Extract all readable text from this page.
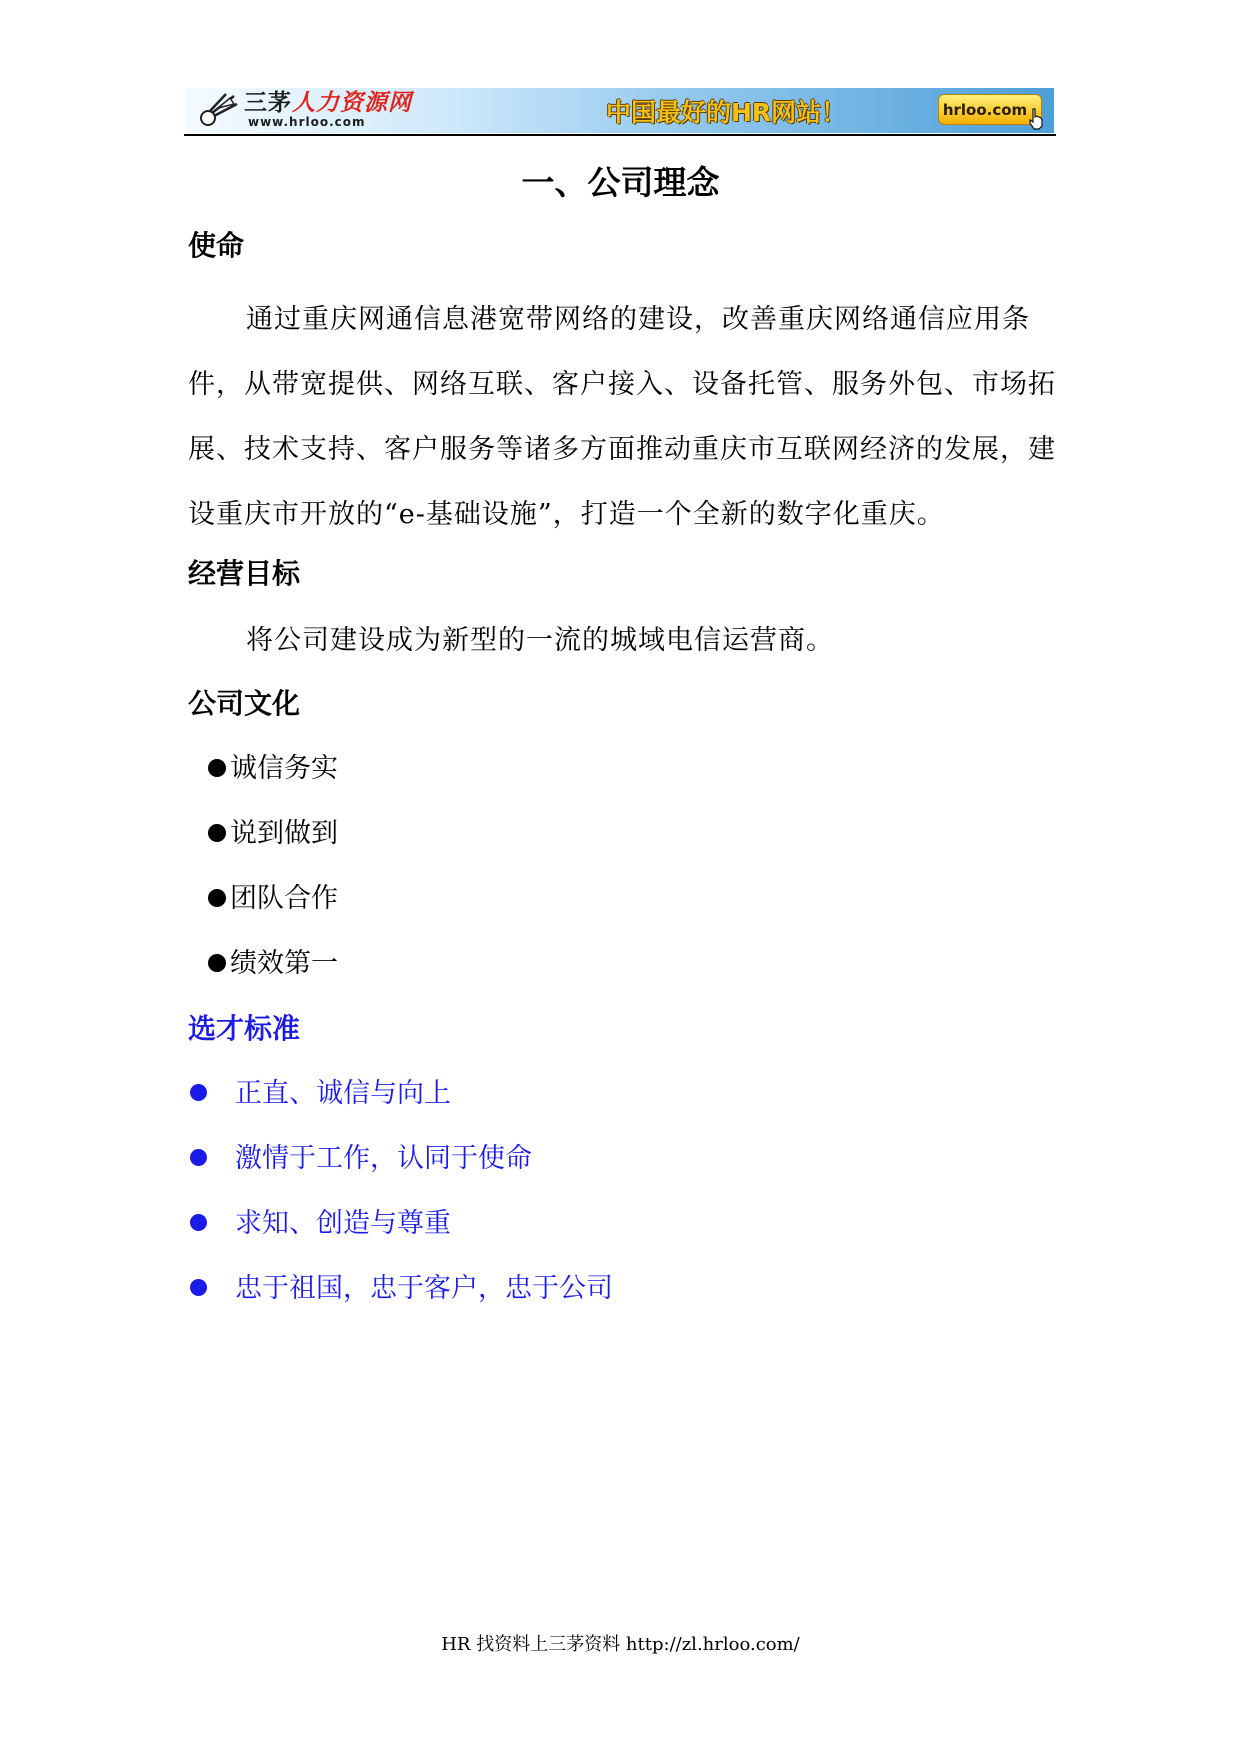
三茅人力资源网
www.hrloo.com	中国最好的HR网站！	hrloo.com
一、公司理念
使命
通过重庆网通信息港宽带网络的建设，改善重庆网络通信应用条件，从带宽提供、网络互联、客户接入、设备托管、服务外包、市场拓展、技术支持、客户服务等诸多方面推动重庆市互联网经济的发展，建设重庆市开放的“e-基础设施”，打造一个全新的数字化重庆。
经营目标
将公司建设成为新型的一流的城域电信运营商。
公司文化
诚信务实
说到做到
团队合作
绩效第一
选才标准
正直、诚信与向上
激情于工作，认同于使命
求知、创造与尊重
忠于祖国，忠于客户，忠于公司
HR 找资料上三茅资料 http://zl.hrloo.com/
